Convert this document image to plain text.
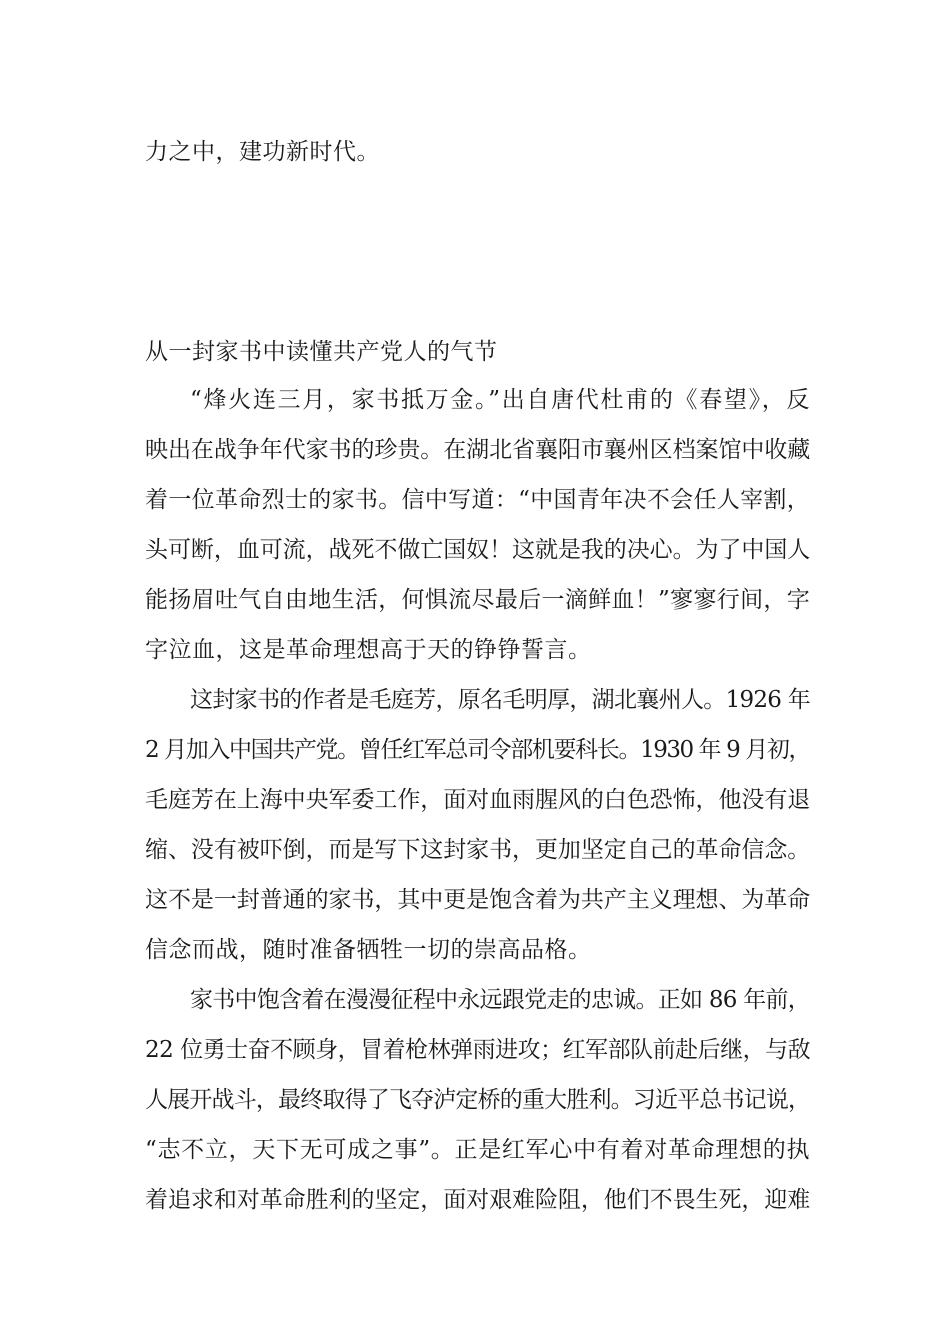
力之中，建功新时代。
从一封家书中读懂共产党人的气节
“烽火连三月，家书抵万金。”出自唐代杜甫的《春望》，反
映出在战争年代家书的珍贵。在湖北省襄阳市襄州区档案馆中收藏
着一位革命烈士的家书。信中写道：“中国青年决不会任人宰割，
头可断，血可流，战死不做亡国奴！这就是我的决心。为了中国人
能扬眉吐气自由地生活，何惧流尽最后一滴鲜血！”寥寥行间，字
字泣血，这是革命理想高于天的铮铮誓言。
这封家书的作者是毛庭芳，原名毛明厚，湖北襄州人。1926 年
2 月加入中国共产党。曾任红军总司令部机要科长。1930 年 9 月初，
毛庭芳在上海中央军委工作，面对血雨腥风的白色恐怖，他没有退
缩、没有被吓倒，而是写下这封家书，更加坚定自己的革命信念。
这不是一封普通的家书，其中更是饱含着为共产主义理想、为革命
信念而战，随时准备牺牲一切的崇高品格。
家书中饱含着在漫漫征程中永远跟党走的忠诚。正如 86 年前，
22 位勇士奋不顾身，冒着枪林弹雨进攻；红军部队前赴后继，与敌
人展开战斗，最终取得了飞夺泸定桥的重大胜利。习近平总书记说，
“志不立，天下无可成之事”。正是红军心中有着对革命理想的执
着追求和对革命胜利的坚定，面对艰难险阻，他们不畏生死，迎难
